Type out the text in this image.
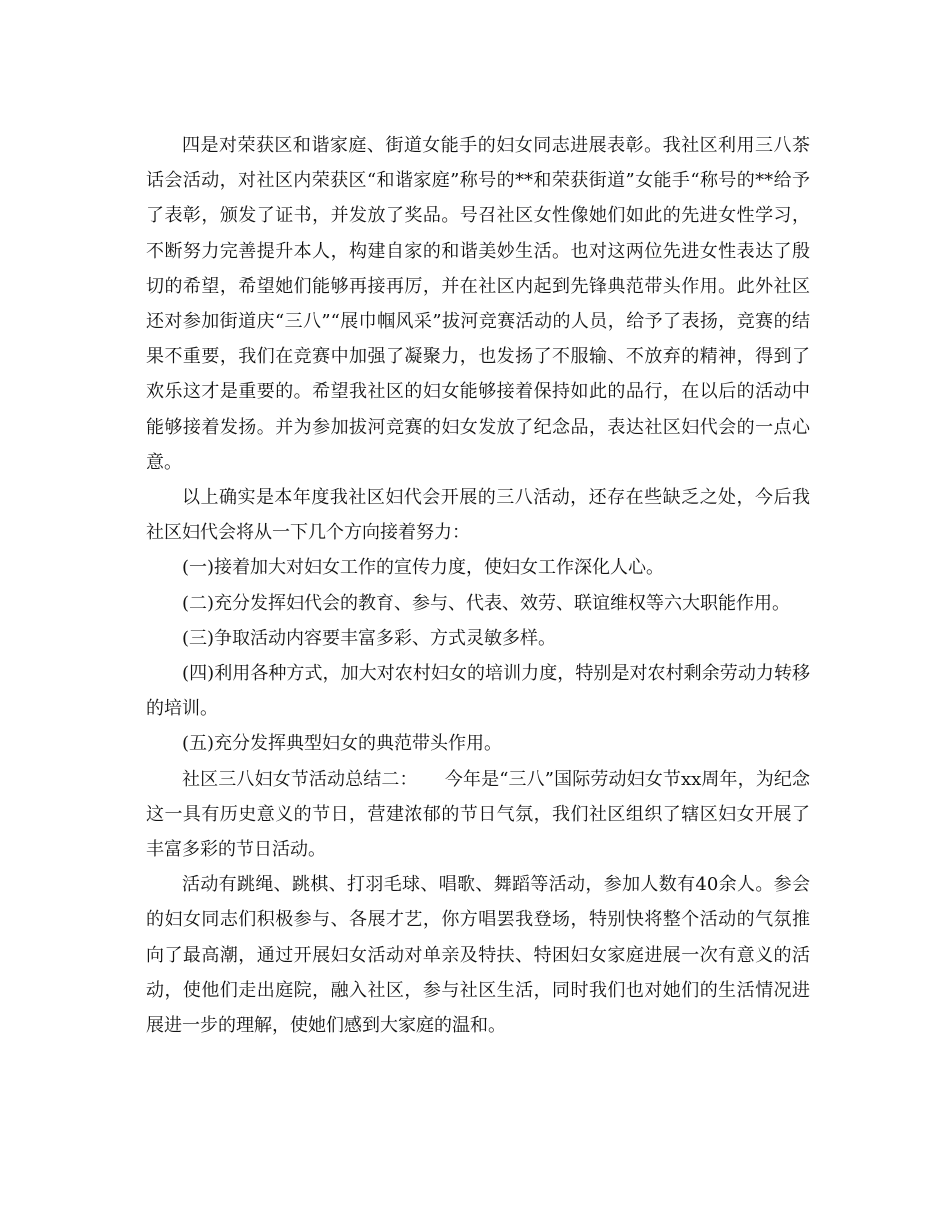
四是对荣获区和谐家庭、街道女能手的妇女同志进展表彰。我社区利用三八茶话会活动，对社区内荣获区“和谐家庭”称号的**和荣获街道”女能手“称号的**给予了表彰，颁发了证书，并发放了奖品。号召社区女性像她们如此的先进女性学习，不断努力完善提升本人，构建自家的和谐美妙生活。也对这两位先进女性表达了殷切的希望，希望她们能够再接再厉，并在社区内起到先锋典范带头作用。此外社区还对参加街道庆“三八”“展巾帼风采”拔河竞赛活动的人员，给予了表扬，竞赛的结果不重要，我们在竞赛中加强了凝聚力，也发扬了不服输、不放弃的精神，得到了欢乐这才是重要的。希望我社区的妇女能够接着保持如此的品行，在以后的活动中能够接着发扬。并为参加拔河竞赛的妇女发放了纪念品，表达社区妇代会的一点心意。

以上确实是本年度我社区妇代会开展的三八活动，还存在些缺乏之处，今后我社区妇代会将从一下几个方向接着努力：

(一)接着加大对妇女工作的宣传力度，使妇女工作深化人心。

(二)充分发挥妇代会的教育、参与、代表、效劳、联谊维权等六大职能作用。

(三)争取活动内容要丰富多彩、方式灵敏多样。

(四)利用各种方式，加大对农村妇女的培训力度，特别是对农村剩余劳动力转移的培训。

(五)充分发挥典型妇女的典范带头作用。

社区三八妇女节活动总结二：　　今年是“三八”国际劳动妇女节xx周年，为纪念这一具有历史意义的节日，营建浓郁的节日气氛，我们社区组织了辖区妇女开展了丰富多彩的节日活动。

活动有跳绳、跳棋、打羽毛球、唱歌、舞蹈等活动，参加人数有40余人。参会的妇女同志们积极参与、各展才艺，你方唱罢我登场，特别快将整个活动的气氛推向了最高潮，通过开展妇女活动对单亲及特扶、特困妇女家庭进展一次有意义的活动，使他们走出庭院，融入社区，参与社区生活，同时我们也对她们的生活情况进展进一步的理解，使她们感到大家庭的温和。
